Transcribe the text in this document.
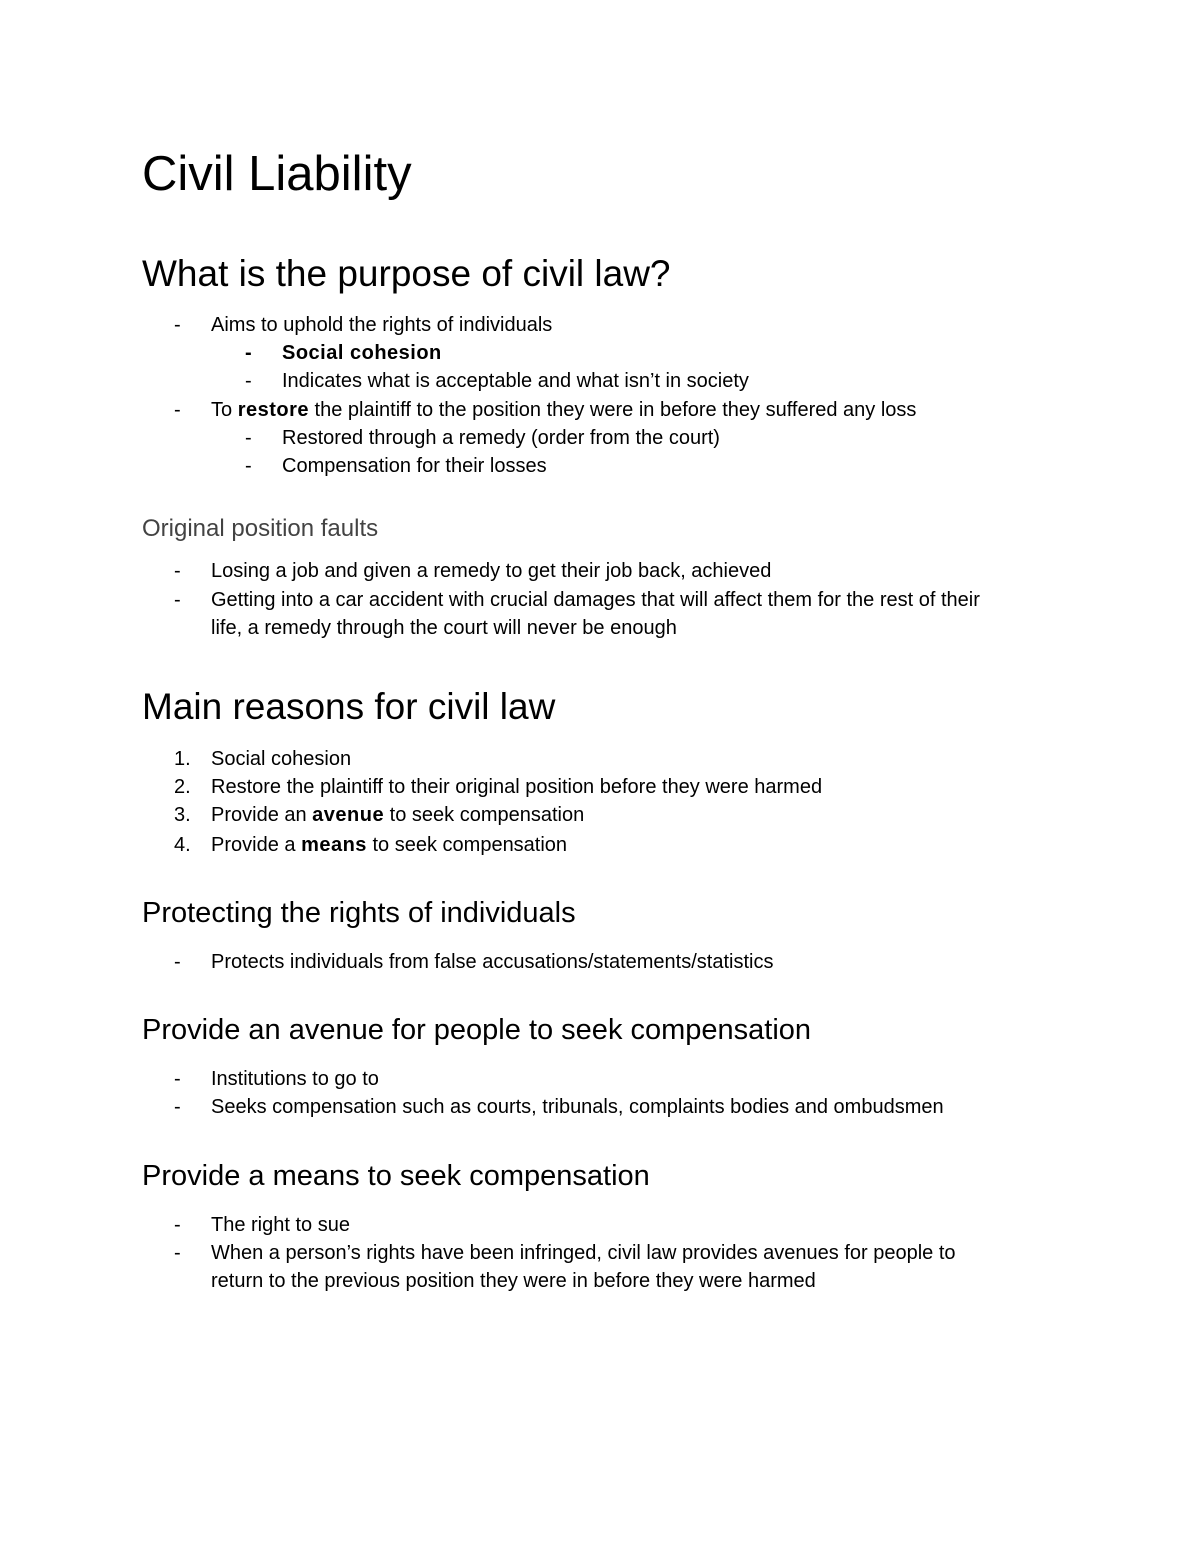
Civil Liability
What is the purpose of civil law?
- Aims to uphold the rights of individuals
- Social cohesion
- Indicates what is acceptable and what isn’t in society
- To restore the plaintiff to the position they were in before they suffered any loss
- Restored through a remedy (order from the court)
- Compensation for their losses
Original position faults
- Losing a job and given a remedy to get their job back, achieved
- Getting into a car accident with crucial damages that will affect them for the rest of their
life, a remedy through the court will never be enough
Main reasons for civil law
1.	Social cohesion
2.	Restore the plaintiff to their original position before they were harmed
3.	Provide an avenue to seek compensation
4.	Provide a means to seek compensation
Protecting the rights of individuals
- Protects individuals from false accusations/statements/statistics
Provide an avenue for people to seek compensation
- Institutions to go to
- Seeks compensation such as courts, tribunals, complaints bodies and ombudsmen
Provide a means to seek compensation
- The right to sue
- When a person’s rights have been infringed, civil law provides avenues for people to
return to the previous position they were in before they were harmed
